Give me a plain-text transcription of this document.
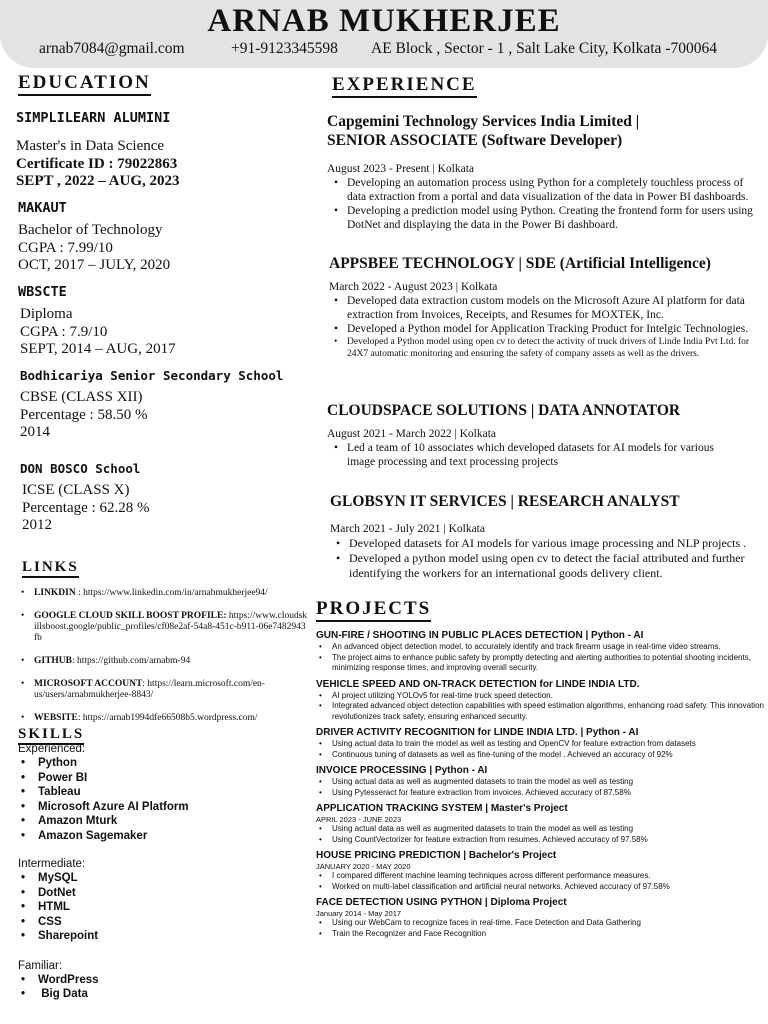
ARNAB MUKHERJEE
arnab7084@gmail.com	+91-9123345598 AE Block , Sector - 1 , Salt Lake City, Kolkata -700064
EDUCATION
SIMPLILEARN ALUMINI
Master's in Data Science
Certificate ID : 79022863
SEPT , 2022 – AUG, 2023
MAKAUT
Bachelor of Technology
CGPA : 7.99/10
OCT, 2017 – JULY, 2020
WBSCTE
Diploma
CGPA : 7.9/10
SEPT, 2014 – AUG, 2017
Bodhicariya Senior Secondary School
CBSE (CLASS XII)
Percentage : 58.50 %
2014
DON BOSCO School
ICSE (CLASS X)
Percentage : 62.28 %
2012
LINKS
• LINKDIN : https://www.linkedin.com/in/arnabmukherjee94/
• GOOGLE CLOUD SKILL BOOST PROFILE: https://www.cloudskillsboost.google/public_profiles/cf08e2af-54a8-451c-b911-06e7482943fb
• GITHUB: https://github.com/arnabm-94
• MICROSOFT ACCOUNT: https://learn.microsoft.com/en-us/users/arnabmukherjee-8843/
• WEBSITE: https://arnab1994dfe66508b5.wordpress.com/
SKILLS
Experienced:
• Python
• Power BI
• Tableau
• Microsoft Azure AI Platform
• Amazon Mturk
• Amazon Sagemaker
Intermediate:
• MySQL
• DotNet
• HTML
• CSS
• Sharepoint
Familiar:
• WordPress
•  Big Data
EXPERIENCE
Capgemini Technology Services India Limited |
SENIOR ASSOCIATE (Software Developer)
August 2023 - Present | Kolkata
• Developing an automation process using Python for a completely touchless process of data extraction from a portal and data visualization of the data in Power BI dashboards.
• Developing a prediction model using Python. Creating the frontend form for users using DotNet and displaying the data in the Power Bi dashboard.
APPSBEE TECHNOLOGY | SDE (Artificial Intelligence)
March 2022 - August 2023 | Kolkata
• Developed data extraction custom models on the Microsoft Azure AI platform for data extraction from Invoices, Receipts, and Resumes for MOXTEK, Inc.
• Developed a Python model for Application Tracking Product for Intelgic Technologies.
• Developed a Python model using open cv to detect the activity of truck drivers of Linde India Pvt Ltd. for 24X7 automatic monitoring and ensuring the safety of company assets as well as the drivers.
CLOUDSPACE SOLUTIONS | DATA ANNOTATOR
August 2021 - March 2022 | Kolkata
• Led a team of 10 associates which developed datasets for AI models for various image processing and text processing projects
GLOBSYN IT SERVICES | RESEARCH ANALYST
March 2021 - July 2021 | Kolkata
• Developed datasets for AI models for various image processing and NLP projects .
• Developed a python model using open cv to detect the facial attributed and further identifying the workers for an international goods delivery client.
PROJECTS
GUN-FIRE / SHOOTING IN PUBLIC PLACES DETECTION | Python - AI
• An advanced object detection model, to accurately identify and track firearm usage in real-time video streams.
• The project aims to enhance public safety by promptly detecting and alerting authorities to potential shooting incidents, minimizing response times, and improving overall security.
VEHICLE SPEED AND ON-TRACK DETECTION for LINDE INDIA LTD.
• AI project utilizing YOLOv5 for real-time truck speed detection.
• Integrated advanced object detection capabilities with speed estimation algorithms, enhancing road safety. This innovation revolutionizes track safety, ensuring enhanced security.
DRIVER ACTIVITY RECOGNITION for LINDE INDIA LTD. | Python - AI
• Using actual data to train the model as well as testing and OpenCV for feature extraction from datasets
• Continuous tuning of datasets as well as fine-tuning of the model . Achieved an accuracy of 92%
INVOICE PROCESSING | Python - AI
• Using actual data as well as augmented datasets to train the model as well as testing
• Using Pytesseract for feature extraction from invoices. Achieved accuracy of 87.58%
APPLICATION TRACKING SYSTEM | Master's Project
APRIL 2023 - JUNE 2023
• Using actual data as well as augmented datasets to train the model as well as testing
• Using CountVectorizer for feature extraction from resumes. Achieved accuracy of 97.58%
HOUSE PRICING PREDICTION | Bachelor's Project
JANUARY 2020 - MAY 2020
• I compared different machine learning techniques across different performance measures.
• Worked on multi-label classification and artificial neural networks. Achieved accuracy of 97.58%
FACE DETECTION USING PYTHON | Diploma Project
January 2014 - May 2017
• Using our WebCam to recognize faces in real-time. Face Detection and Data Gathering
• Train the Recognizer and Face Recognition
